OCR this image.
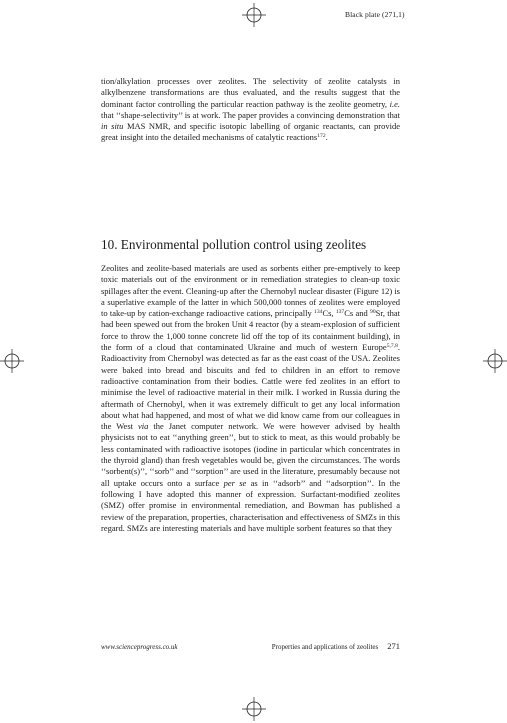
Black plate (271,1)

tion/alkylation processes over zeolites. The selectivity of zeolite catalysts in alkylbenzene transformations are thus evaluated, and the results suggest that the dominant factor controlling the particular reaction pathway is the zeolite geometry, i.e. that ‘‘shape-selectivity’’ is at work. The paper provides a convincing demonstration that in situ MAS NMR, and specific isotopic labelling of organic reactants, can provide great insight into the detailed mechanisms of catalytic reactions$^{172}$.

10. Environmental pollution control using zeolites

Zeolites and zeolite-based materials are used as sorbents either pre-emptively to keep toxic materials out of the environment or in remediation strategies to clean-up toxic spillages after the event. Cleaning-up after the Chernobyl nuclear disaster (Figure 12) is a superlative example of the latter in which 500,000 tonnes of zeolites were employed to take-up by cation-exchange radioactive cations, principally $^{134}$Cs, $^{137}$Cs and $^{90}$Sr, that had been spewed out from the broken Unit 4 reactor (by a steam-explosion of sufficient force to throw the 1,000 tonne concrete lid off the top of its containment building), in the form of a cloud that contaminated Ukraine and much of western Europe$^{5,7,8}$. Radioactivity from Chernobyl was detected as far as the east coast of the USA. Zeolites were baked into bread and biscuits and fed to children in an effort to remove radioactive contamination from their bodies. Cattle were fed zeolites in an effort to minimise the level of radioactive material in their milk. I worked in Russia during the aftermath of Chernobyl, when it was extremely difficult to get any local information about what had happened, and most of what we did know came from our colleagues in the West via the Janet computer network. We were however advised by health physicists not to eat ‘‘anything green’’, but to stick to meat, as this would probably be less contaminated with radioactive isotopes (iodine in particular which concentrates in the thyroid gland) than fresh vegetables would be, given the circumstances. The words ‘‘sorbent(s)’’, ‘‘sorb’’ and ‘‘sorption’’ are used in the literature, presumably because not all uptake occurs onto a surface per se as in ‘‘adsorb’’ and ‘‘adsorption’’. In the following I have adopted this manner of expression. Surfactant-modified zeolites (SMZ) offer promise in environmental remediation, and Bowman has published a review of the preparation, properties, characterisation and effectiveness of SMZs in this regard. SMZs are interesting materials and have multiple sorbent features so that they

www.scienceprogress.co.uk	Properties and applications of zeolites 271
